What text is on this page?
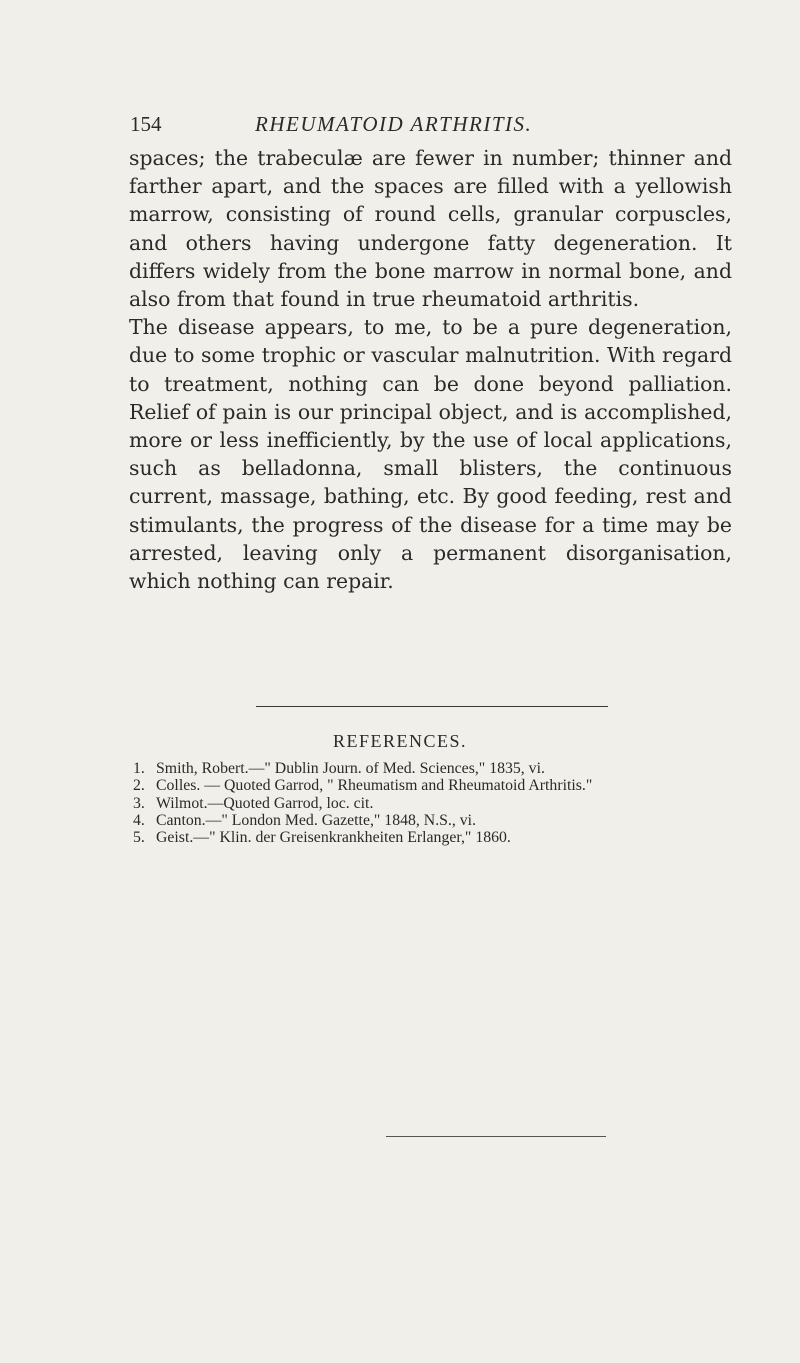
154	RHEUMATOID ARTHRITIS.

spaces; the trabeculæ are fewer in number; thinner and farther apart, and the spaces are filled with a yellowish marrow, consisting of round cells, granular corpuscles, and others having undergone fatty degeneration. It differs widely from the bone marrow in normal bone, and also from that found in true rheumatoid arthritis.

The disease appears, to me, to be a pure degeneration, due to some trophic or vascular malnutrition. With regard to treatment, nothing can be done beyond palliation. Relief of pain is our principal object, and is accomplished, more or less inefficiently, by the use of local applications, such as belladonna, small blisters, the continuous current, massage, bathing, etc. By good feeding, rest and stimulants, the progress of the disease for a time may be arrested, leaving only a permanent disorganisation, which nothing can repair.

REFERENCES.
1. Smith, Robert.—" Dublin Journ. of Med. Sciences," 1835, vi.
2. Colles. — Quoted Garrod, " Rheumatism and Rheumatoid Arthritis."
3. Wilmot.—Quoted Garrod, loc. cit.
4. Canton.—" London Med. Gazette," 1848, N.S., vi.
5. Geist.—" Klin. der Greisenkrankheiten Erlanger," 1860.
